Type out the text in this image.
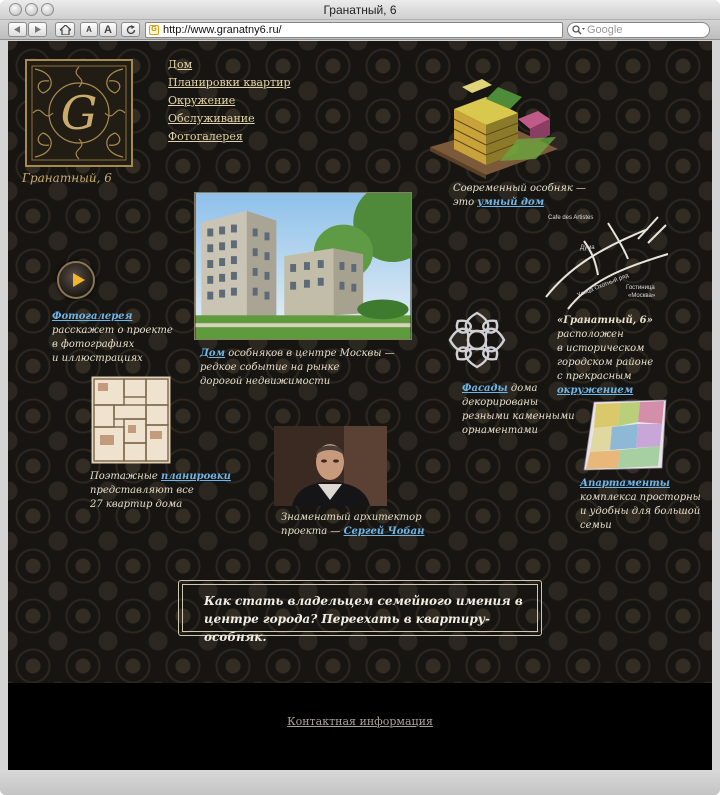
Гранатный, 6
A	A	G http://www.granatny6.ru/	Google
G
Гранатный, 6
Дом
Планировки квартир
Окружение
Обслуживание
Фотогалерея
Современный особняк —
это умный дом
Cafe des Artistes
Дума
Улица Охотный ряд
Гостиница
«Москва»
«Гранатный, 6»
расположен
в историческом
городском районе
с прекрасным
окружением
Фотогалерея
расскажет о проекте
в фотографиях
и иллюстрациях	Дом особняков в центре Москвы —
редкое событие на рынке
дорогой недвижимости
Фасады дома
декорированы
резными каменными
орнаментами
Поэтажные планировки
представляют все
27 квартир дома
Апартаменты
комплекса просторны
и удобны для большой
семьи
Знаменатый архитектор
проекта — Сергей Чобан
Как стать владельцем семейного имения в центре города? Переехать в квартиру-особняк.
Контактная информация
